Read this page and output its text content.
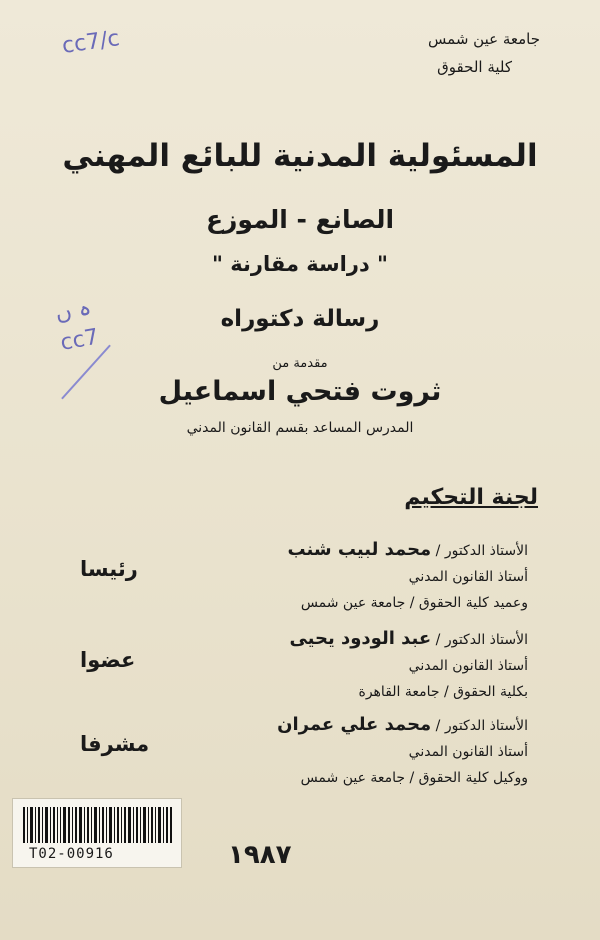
cc7/c
ہ ں
cc7
جامعة عين شمس
كلية الحقوق
المسئولية المدنية للبائع المهني
الصانع - الموزع
" دراسة مقارنة "
رسالة دكتوراه
مقدمة من
ثروت فتحي اسماعيل
المدرس المساعد بقسم القانون المدني
لجنة التحكيم
الأستاذ الدكتور / محمد لبيب شنب
أستاذ القانون المدني
وعميد كلية الحقوق / جامعة عين شمس
رئيسا
الأستاذ الدكتور / عبد الودود يحيى
أستاذ القانون المدني
بكلية الحقوق / جامعة القاهرة
عضوا
الأستاذ الدكتور / محمد علي عمران
أستاذ القانون المدني
ووكيل كلية الحقوق / جامعة عين شمس
مشرفا
١٩٨٧
T02-00916
